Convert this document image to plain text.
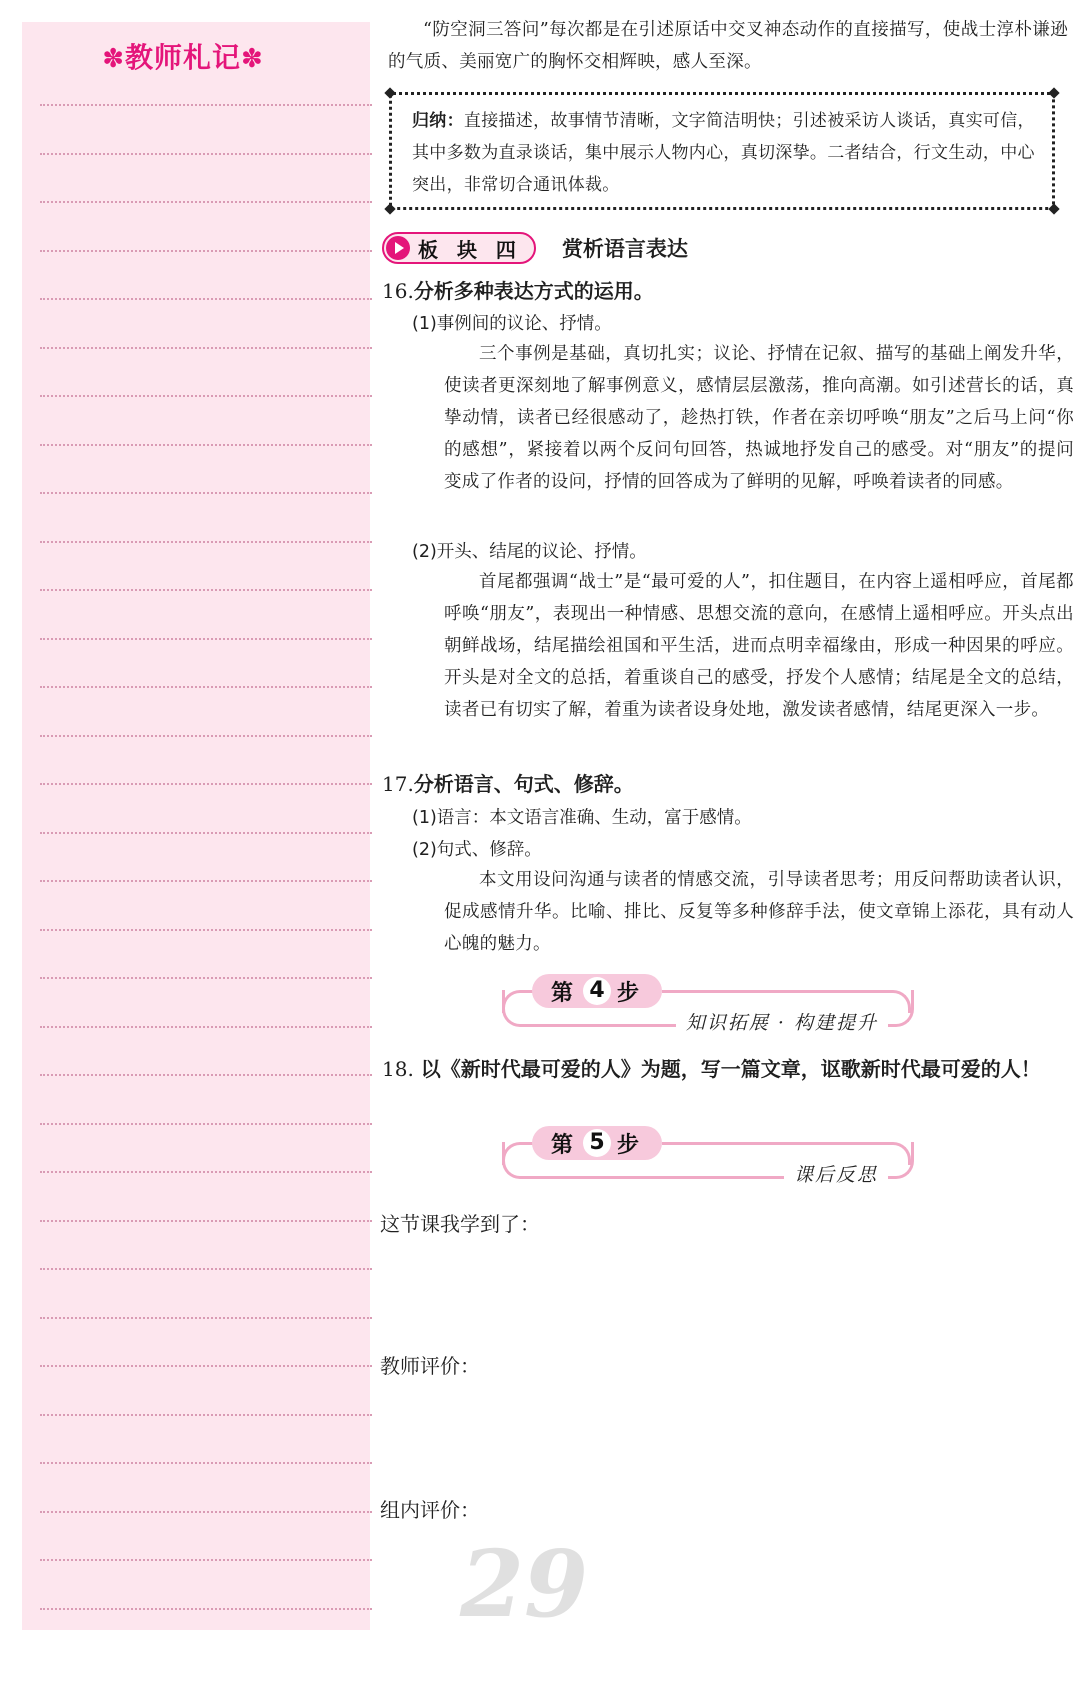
✽教师札记✽

“防空洞三答问”每次都是在引述原话中交叉神态动作的直接描写，使战士淳朴谦逊的气质、美丽宽广的胸怀交相辉映，感人至深。

归纳：直接描述，故事情节清晰，文字简洁明快；引述被采访人谈话，真实可信，其中多数为直录谈话，集中展示人物内心，真切深挚。二者结合，行文生动，中心突出，非常切合通讯体裁。

板 块 四 赏析语言表达

16.分析多种表达方式的运用。

(1)事例间的议论、抒情。

三个事例是基础，真切扎实；议论、抒情在记叙、描写的基础上阐发升华，使读者更深刻地了解事例意义，感情层层激荡，推向高潮。如引述营长的话，真挚动情，读者已经很感动了，趁热打铁，作者在亲切呼唤“朋友”之后马上问“你的感想”，紧接着以两个反问句回答，热诚地抒发自己的感受。对“朋友”的提问变成了作者的设问，抒情的回答成为了鲜明的见解，呼唤着读者的同感。

(2)开头、结尾的议论、抒情。

首尾都强调“战士”是“最可爱的人”，扣住题目，在内容上遥相呼应，首尾都呼唤“朋友”，表现出一种情感、思想交流的意向，在感情上遥相呼应。开头点出朝鲜战场，结尾描绘祖国和平生活，进而点明幸福缘由，形成一种因果的呼应。开头是对全文的总括，着重谈自己的感受，抒发个人感情；结尾是全文的总结，读者已有切实了解，着重为读者设身处地，激发读者感情，结尾更深入一步。

17.分析语言、句式、修辞。

(1)语言：本文语言准确、生动，富于感情。

(2)句式、修辞。

本文用设问沟通与读者的情感交流，引导读者思考；用反问帮助读者认识，促成感情升华。比喻、排比、反复等多种修辞手法，使文章锦上添花，具有动人心魄的魅力。

第 4 步
知识拓展 · 构建提升

18. 以《新时代最可爱的人》为题，写一篇文章，讴歌新时代最可爱的人！

第 5 步
课后反思

这节课我学到了：

教师评价：

组内评价：

29
